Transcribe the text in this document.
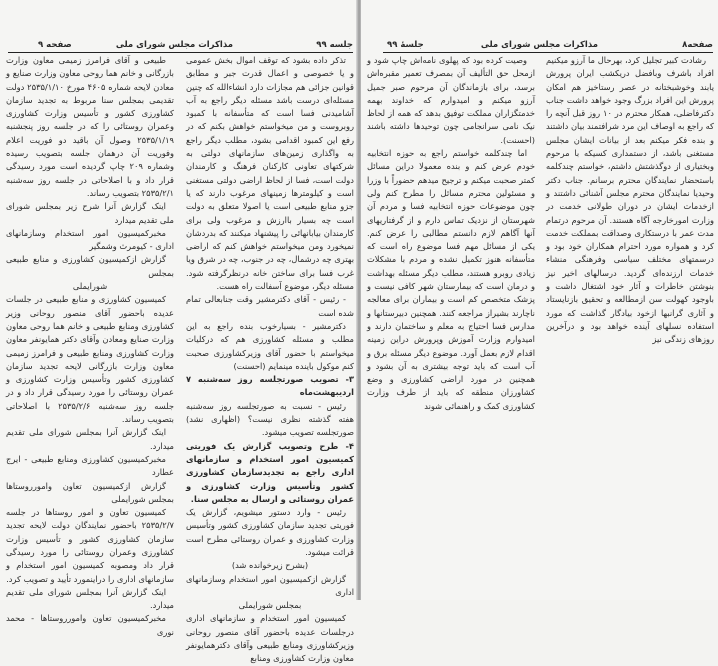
جلسه ۹۹
مذاکرات مجلس شورای ملی
صفحه ۹

تذکر داده بشود که توقف اموال بخش عمومی و یا خصوصی و اعمال قدرت جبر و مطابق قوانین جزائی هم مجازات دارد انشاءالله که چنین مسئله‌ای درست باشد مسئله دیگر راجع به آب آشامیدنی فسا است که متأسفانه با کمبود روبروست و من میخواستم خواهش بکنم که در رفع این کمبود اقدامی بشود، مطلب دیگر راجع به واگذاری زمین‌های سازمانهای دولتی به شرکتهای تعاونی کارکنان فرهنگ و کارمندان دولت است، فسا از لحاظ اراضی دولتی مستغنی است و کیلومترها زمینهای مرغوب دارند که یا جزو منابع طبیعی است یا اصولا متعلق به دولت است چه بسیار باارزش و مرغوب ولی برای کارمندان بیابانهائی را پیشنهاد میکنند که بدردشان نمیخورد ومن میخواستم خواهش کنم که اراضی بهتری چه درشمال، چه در جنوب، چه در شرق ویا غرب فسا برای ساختن خانه درنظرگرفته شود. مسئله دیگر، موضوع آسفالت راه هست.

- رئیس - آقای دکترمشیر وقت جنابعالی تمام شده است

دکترمشیر - بسیارخوب بنده راجع به این مطلب و مسئله کشاورزی هم که درکلیات میخواستم با حضور آقای وزیرکشاورزی صحبت کنم موکول باینده مینمایم (احسنت)

۳- تصویب صورتجلسه روز سه‌شنبه ۷ اردیبهشت‌ماه

رئیس - نسبت به صورتجلسه روز سه‌شنبه هفته گذشته نظری نیست؟ (اظهاری نشد) صورتجلسه تصویب میشود.

۴- طرح وتصویب گزارش یک فوریتی کمیسیون امور استخدام و سازمانهای اداری راجع به تجدیدسازمان کشاورزی کشور وتأسیس وزارت کشاورزی و عمران روستائی و ارسال به مجلس سنا.

رئیس - وارد دستور میشویم، گزارش یک فوریتی تجدید سازمان کشاورزی کشور وتأسیس وزارت کشاورزی و عمران روستائی مطرح است قرائت میشود.

(بشرح زیرخوانده شد)

گزارش ازکمیسیون امور استخدام وسازمانهای اداری

بمجلس شورایملی

کمیسیون امور استخدام و سازمانهای اداری درجلسات عدیده باحضور آقای منصور روحانی وزیرکشاورزی ومنابع طبیعی وآقای دکترهمایونفر معاون وزارت کشاورزی ومنابع

طبیعی و آقای فرامرز زمیمی معاون وزارت بازرگانی و خانم هما روحی معاون وزارت صنایع و معادن لایحه شماره ۴۶۰۵ مورخ ۲۵۳۵/۱/۱۰ دولت تقدیمی بمجلس سنا مربوط به تجدید سازمان کشاورزی کشور و تأسیس وزارت کشاورزی وعمران روستائی را که در جلسه روز پنجشنبه ۲۵۳۵/۱/۱۹ وصول آن باقید دو فوریت اعلام وفوریت آن درهمان جلسه بتصویب رسیده وشماره ۲۰۹ چاپ گردیده است مورد رسیدگی قرار داد و با اصلاحاتی در جلسه روز سه‌شنبه ۲۵۳۵/۲/۱ بتصویب رساند.

اینک گزارش آنرا شرح زیر بمجلس شورای ملی تقدیم میدارد

مخبرکمیسیون امور استخدام وسازمانهای اداری - کیومرث وشمگیر

گزارش ازکمیسیون کشاورزی و منابع طبیعی بمجلس

شورایملی

کمیسیون کشاورزی و منابع طبیعی در جلسات عدیده باحضور آقای منصور روحانی وزیر کشاورزی ومنابع طبیعی و خانم هما روحی معاون وزارت صنایع ومعادن وآقای دکتر همایونفر معاون وزارت کشاورزی ومنابع طبیعی و فرامرز زمیمی معاون وزارت بازرگانی لایحه تجدید سازمان کشاورزی کشور وتأسیس وزارت کشاورزی و عمران روستائی را مورد رسیدگی قرار داد و در جلسه روز سه‌شنبه ۲۵۳۵/۲/۶ با اصلاحاتی بتصویب رساند.

اینک گزارش آنرا بمجلس شورای ملی تقدیم میدارد.

مخبرکمیسیون کشاورزی ومنابع طبیعی - ایرج عطارد

گزارش ازکمیسیون تعاون وامورروستاها بمجلس شورایملی

کمیسیون تعاون و امور روستاها در جلسه ۲۵۳۵/۲/۷ باحضور نمایندگان دولت لایحه تجدید سازمان کشاورزی کشور و تأسیس وزارت کشاورزی وعمران روستائی را مورد رسیدگی قرار داد ومصوبه کمیسیون امور استخدام و سازمانهای اداری را دراینمورد تأیید و تصویب کرد.

اینک گزارش آنرا بمجلس شورای ملی تقدیم میدارد.

مخبرکمیسیون تعاون وامورروستاها - محمد نوری

جلسهٔ ۹۹	مذاکرات مجلس شورای ملی	صفحه۸

رشادت کبیر تجلیل کرد، بهرحال ما آرزو میکنیم افراد باشرف وبافضل دریکشب ایران پرورش یابند وخوشبختانه در عصر رستاخیز هم امکان پرورش این افراد بزرگ وجود خواهد داشت جناب دکترفاضلی، همکار محترم در ۱۰ روز قبل آنچه را که راجع به اوصاف این مرد شرافتمند بیان داشتند و بنده فکر میکنم بعد از بیانات ایشان مجلس مستغنی باشد، از دستمداری کسیکه با مرحوم وبختیاری از دوگذشتش داشتم، خواستم چندکلمه باستحضار نمایندگان محترم برسانم. جناب دکتر وحیدیا نمایندگان محترم مجلس آشنائی داشتند و ازخدمات ایشان در دوران طولانی خدمت در وزارت امورخارجه آگاه هستند. آن مرحوم درتمام مدت عمر با درستکاری وصداقت بمملکت خدمت کرد و همواره مورد احترام همکاران خود بود و درسمتهای مختلف سیاسی وفرهنگی منشاء خدمات ارزنده‌ای گردید. درسالهای اخیر نیز بنوشتن خاطرات و آثار خود اشتغال داشت و باوجود کهولت سن ازمطالعه و تحقیق بازنایستاد و آثاری گرانبها ازخود بیادگار گذاشت که مورد استفاده نسلهای آینده خواهد بود و درآخرین روزهای زندگی نیز

وصیت کرده بود که پهلوی نامه‌اش چاپ شود و ازمحل حق التألیف آن بمصرف تعمیر مقبره‌اش برسد، برای بازماندگان آن مرحوم صبر جمیل آرزو میکنم و امیدوارم که خداوند بهمه خدمتگزاران مملکت توفیق بدهد که همه از لحاظ نیک نامی سرانجامی چون توحیدها داشته باشند (احسنت).

اما چندکلمه خواستم راجع به حوزه انتخابیه خودم عرض کنم و بنده معمولا دراین مسائل کمتر صحبت میکنم و ترجیح میدهم حضوراً با وزرا و مسئولین محترم مسائل را مطرح کنم ولی چون موضوعات حوزه انتخابیه فسا و مردم آن شهرستان از نزدیک تماس دارم و از گرفتاریهای آنها آگاهم لازم دانستم مطالبی را عرض کنم. یکی از مسائل مهم فسا موضوع راه است که متأسفانه هنوز تکمیل نشده و مردم با مشکلات زیادی روبرو هستند، مطلب دیگر مسئله بهداشت و درمان است که بیمارستان شهر کافی نیست و پزشک متخصص کم است و بیماران برای معالجه ناچارند بشیراز مراجعه کنند. همچنین دبیرستانها و مدارس فسا احتیاج به معلم و ساختمان دارند و امیدوارم وزارت آموزش وپرورش دراین زمینه اقدام لازم بعمل آورد. موضوع دیگر مسئله برق و آب است که باید توجه بیشتری به آن بشود و همچنین در مورد اراضی کشاورزی و وضع کشاورزان منطقه که باید از طرف وزارت کشاورزی کمک و راهنمائی شوند
